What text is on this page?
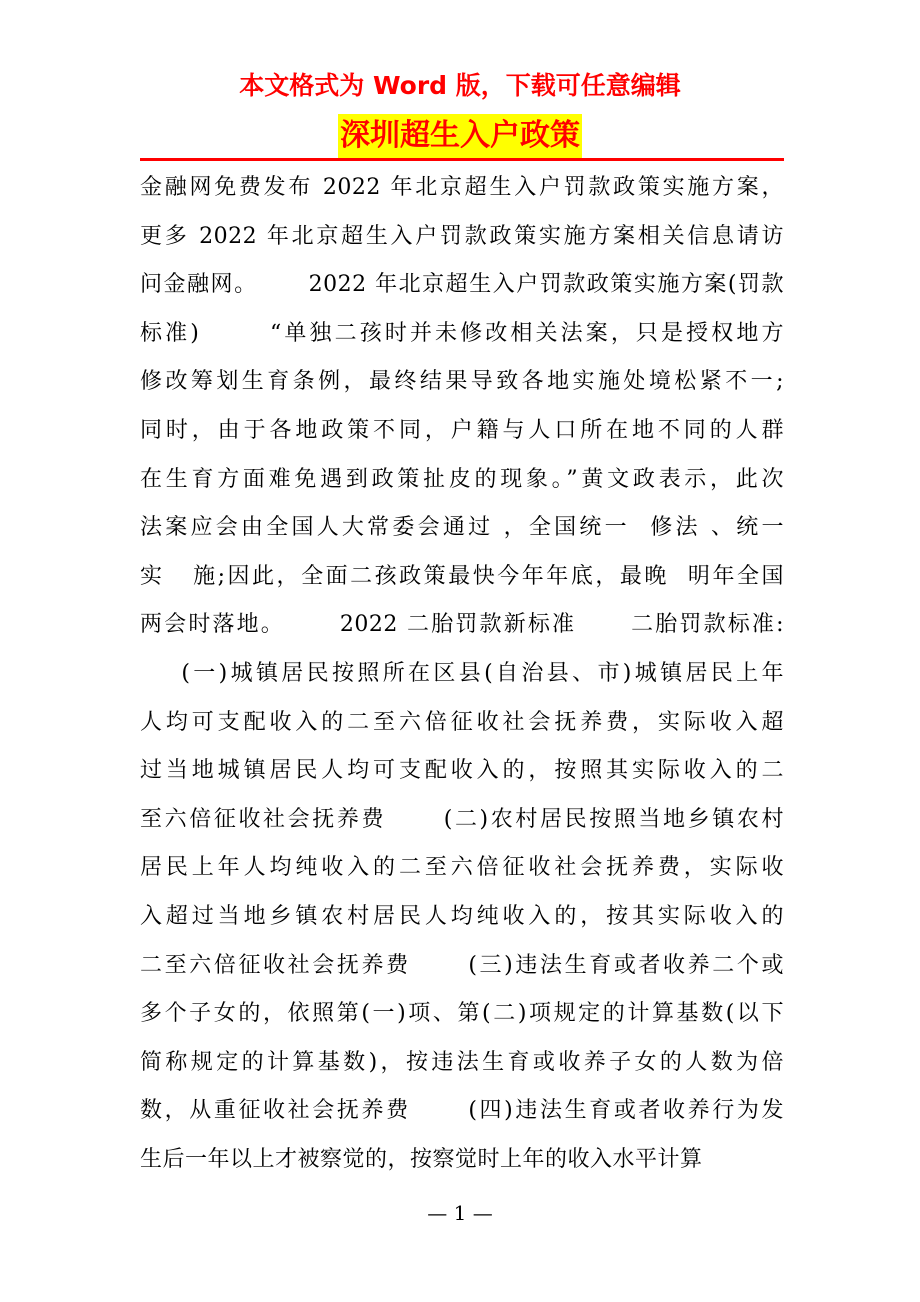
本文格式为 Word 版，下载可任意编辑
深圳超生入户政策
金融网免费发布 2022 年北京超生入户罚款政策实施方案，
更多 2022 年北京超生入户罚款政策实施方案相关信息请访
问金融网。      2022 年北京超生入户罚款政策实施方案(罚款
标准)       “单独二孩时并未修改相关法案，只是授权地方
修改筹划生育条例，最终结果导致各地实施处境松紧不一;
同时，由于各地政策不同，户籍与人口所在地不同的人群
在生育方面难免遇到政策扯皮的现象。”黄文政表示，此次
法案应会由全国人大常委会通过 ，全国统一  修法 、统一
实   施;因此，全面二孩政策最快今年年底，最晚  明年全国
两会时落地。      2022 二胎罚款新标准      二胎罚款标准:
(一)城镇居民按照所在区县(自治县、市)城镇居民上年
人均可支配收入的二至六倍征收社会抚养费，实际收入超
过当地城镇居民人均可支配收入的，按照其实际收入的二
至六倍征收社会抚养费      (二)农村居民按照当地乡镇农村
居民上年人均纯收入的二至六倍征收社会抚养费，实际收
入超过当地乡镇农村居民人均纯收入的，按其实际收入的
二至六倍征收社会抚养费      (三)违法生育或者收养二个或
多个子女的，依照第(一)项、第(二)项规定的计算基数(以下
简称规定的计算基数)，按违法生育或收养子女的人数为倍
数，从重征收社会抚养费      (四)违法生育或者收养行为发
生后一年以上才被察觉的，按察觉时上年的收入水平计算
— 1 —
